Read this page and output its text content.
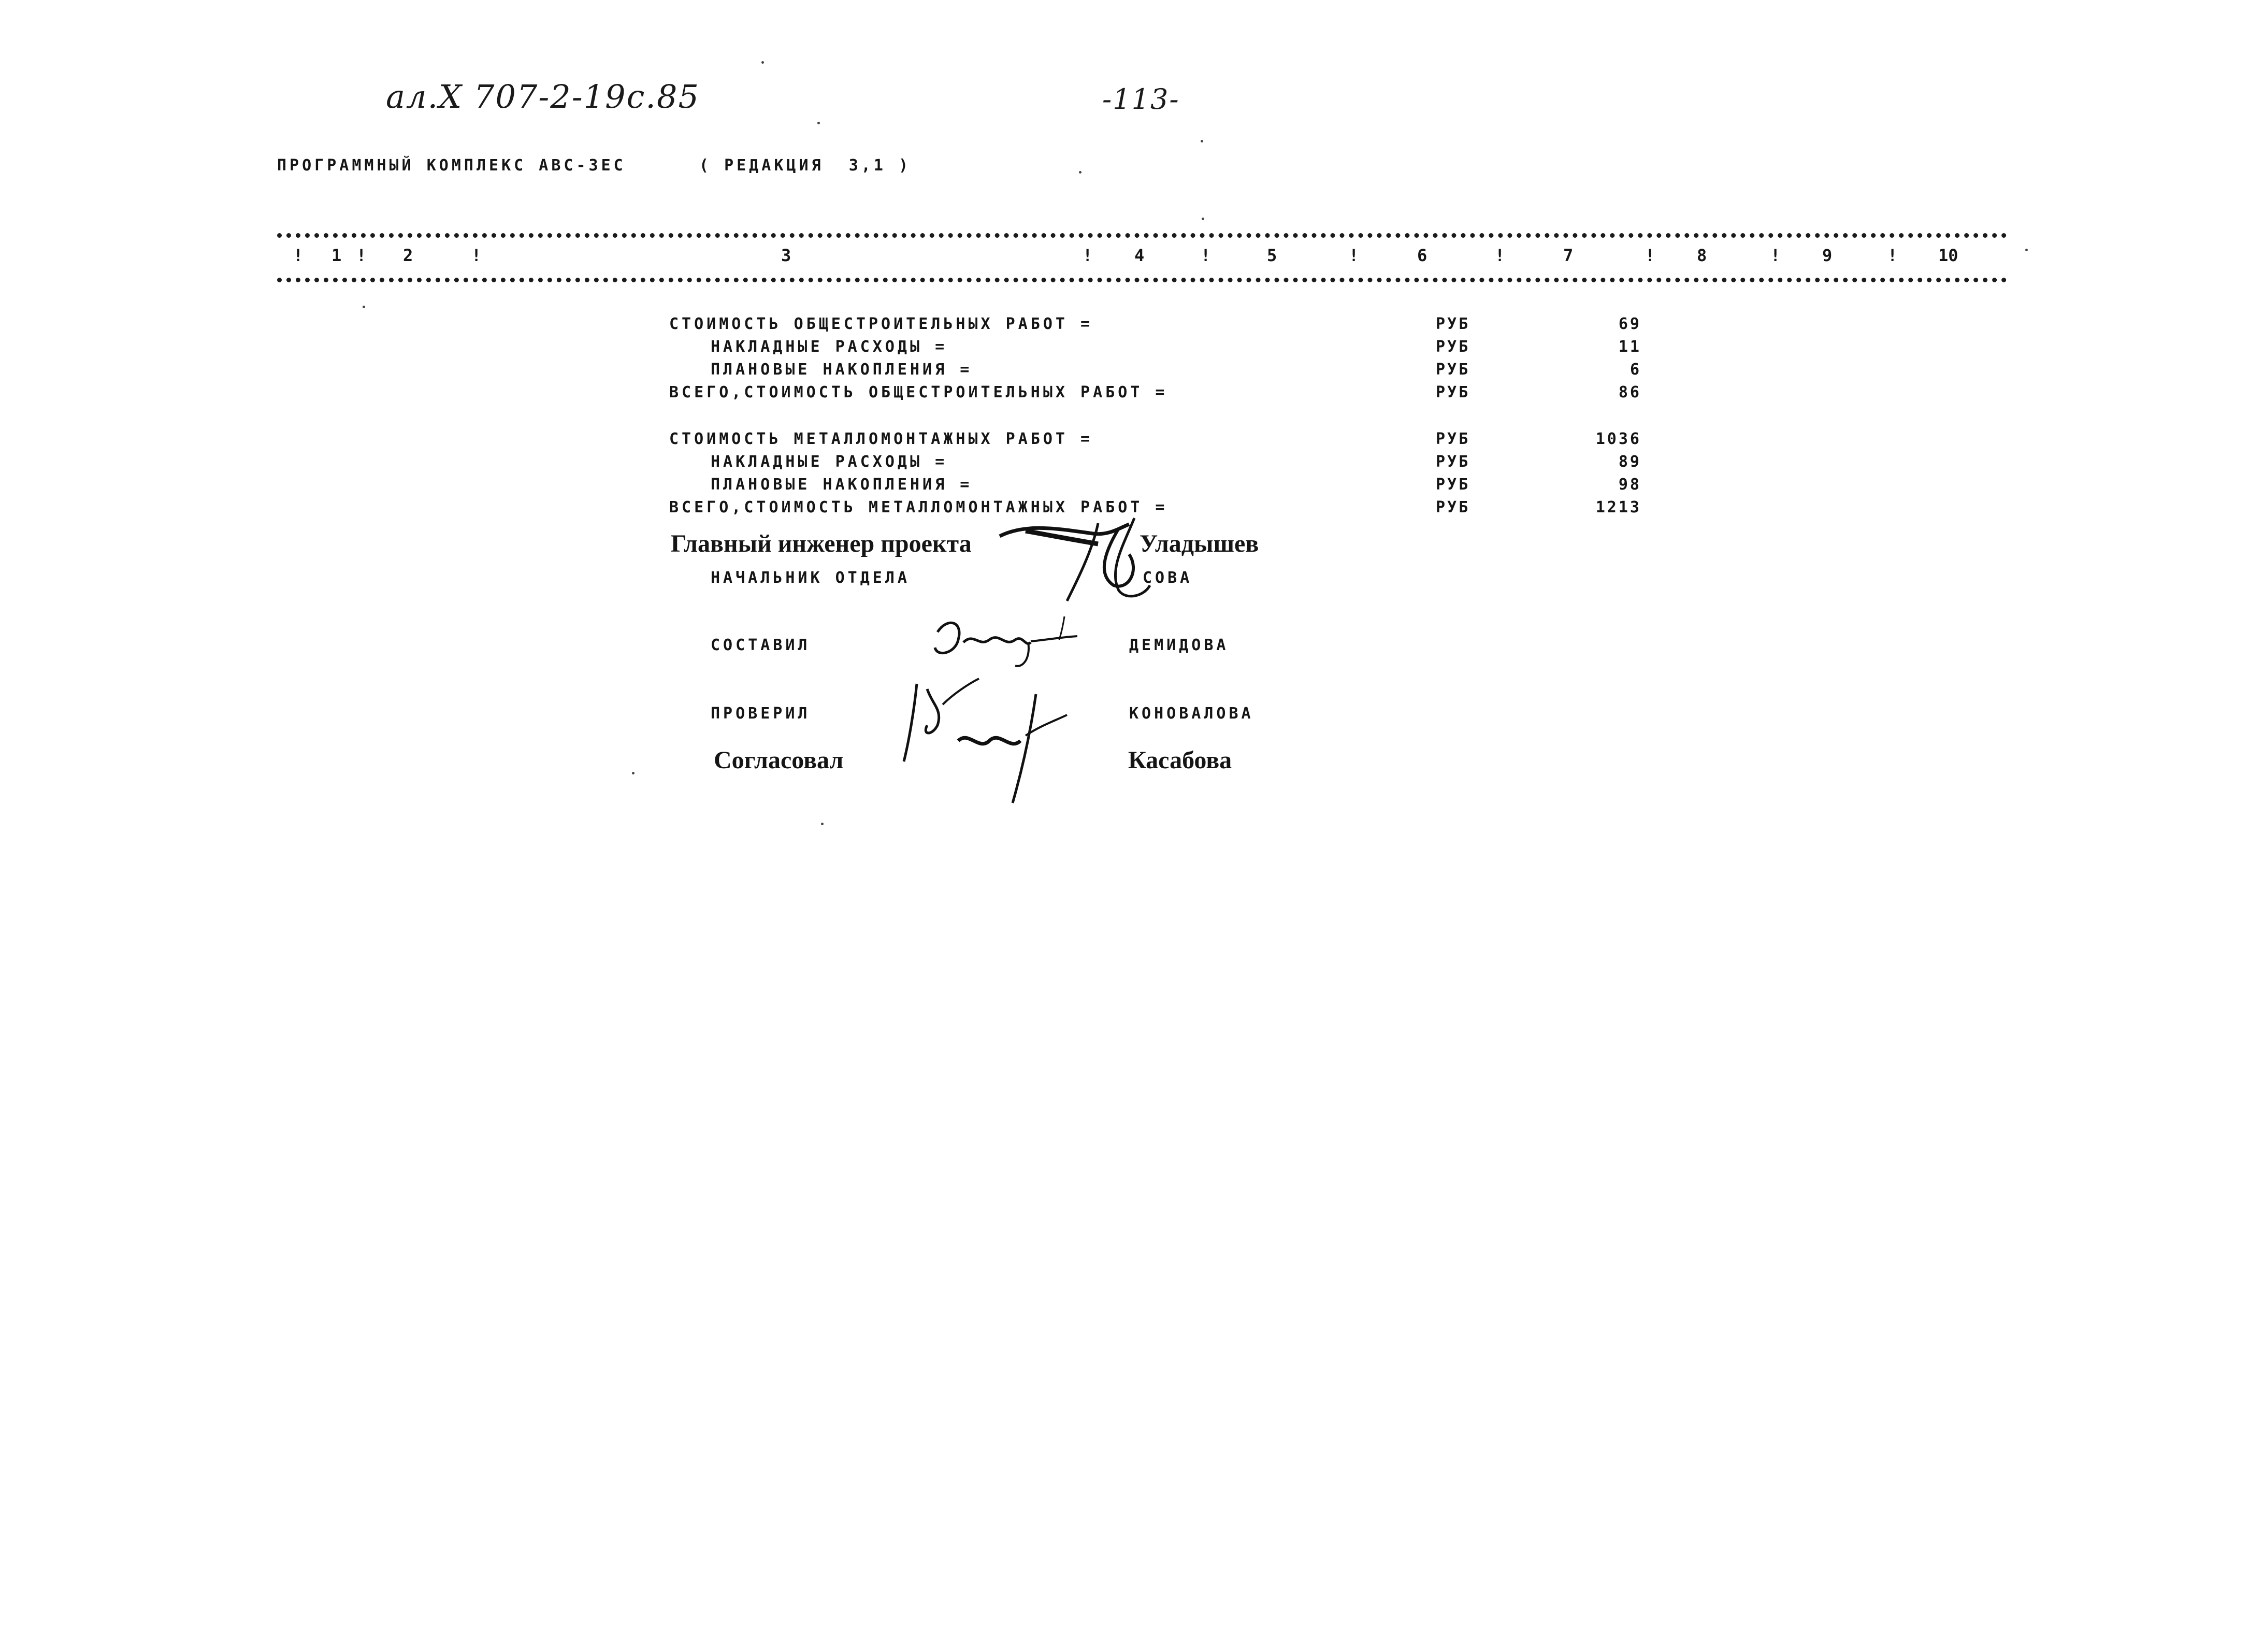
ал.Ⅹ 707-2-19с.85	-113-
ПРОГРАММНЫЙ КОМПЛЕКС АВС-3ЕС	( РЕДАКЦИЯ  3,1 )
! 1 ! 2	!	3	!	4	!	5	!	6	!	7	!	8	!	9	! 10
СТОИМОСТЬ ОБЩЕСТРОИТЕЛЬНЫХ РАБОТ =	РУБ	69
НАКЛАДНЫЕ РАСХОДЫ =	РУБ	11
ПЛАНОВЫЕ НАКОПЛЕНИЯ =	РУБ	6
ВСЕГО,СТОИМОСТЬ ОБЩЕСТРОИТЕЛЬНЫХ РАБОТ =	РУБ	86
СТОИМОСТЬ МЕТАЛЛОМОНТАЖНЫХ РАБОТ =	РУБ	1036
НАКЛАДНЫЕ РАСХОДЫ =	РУБ	89
ПЛАНОВЫЕ НАКОПЛЕНИЯ =	РУБ	98
ВСЕГО,СТОИМОСТЬ МЕТАЛЛОМОНТАЖНЫХ РАБОТ =	РУБ	1213
Главный инженер проекта	Уладышев
НАЧАЛЬНИК ОТДЕЛА	СОВА
СОСТАВИЛ	ДЕМИДОВА
ПРОВЕРИЛ	КОНОВАЛОВА
Согласовал	Касабова
